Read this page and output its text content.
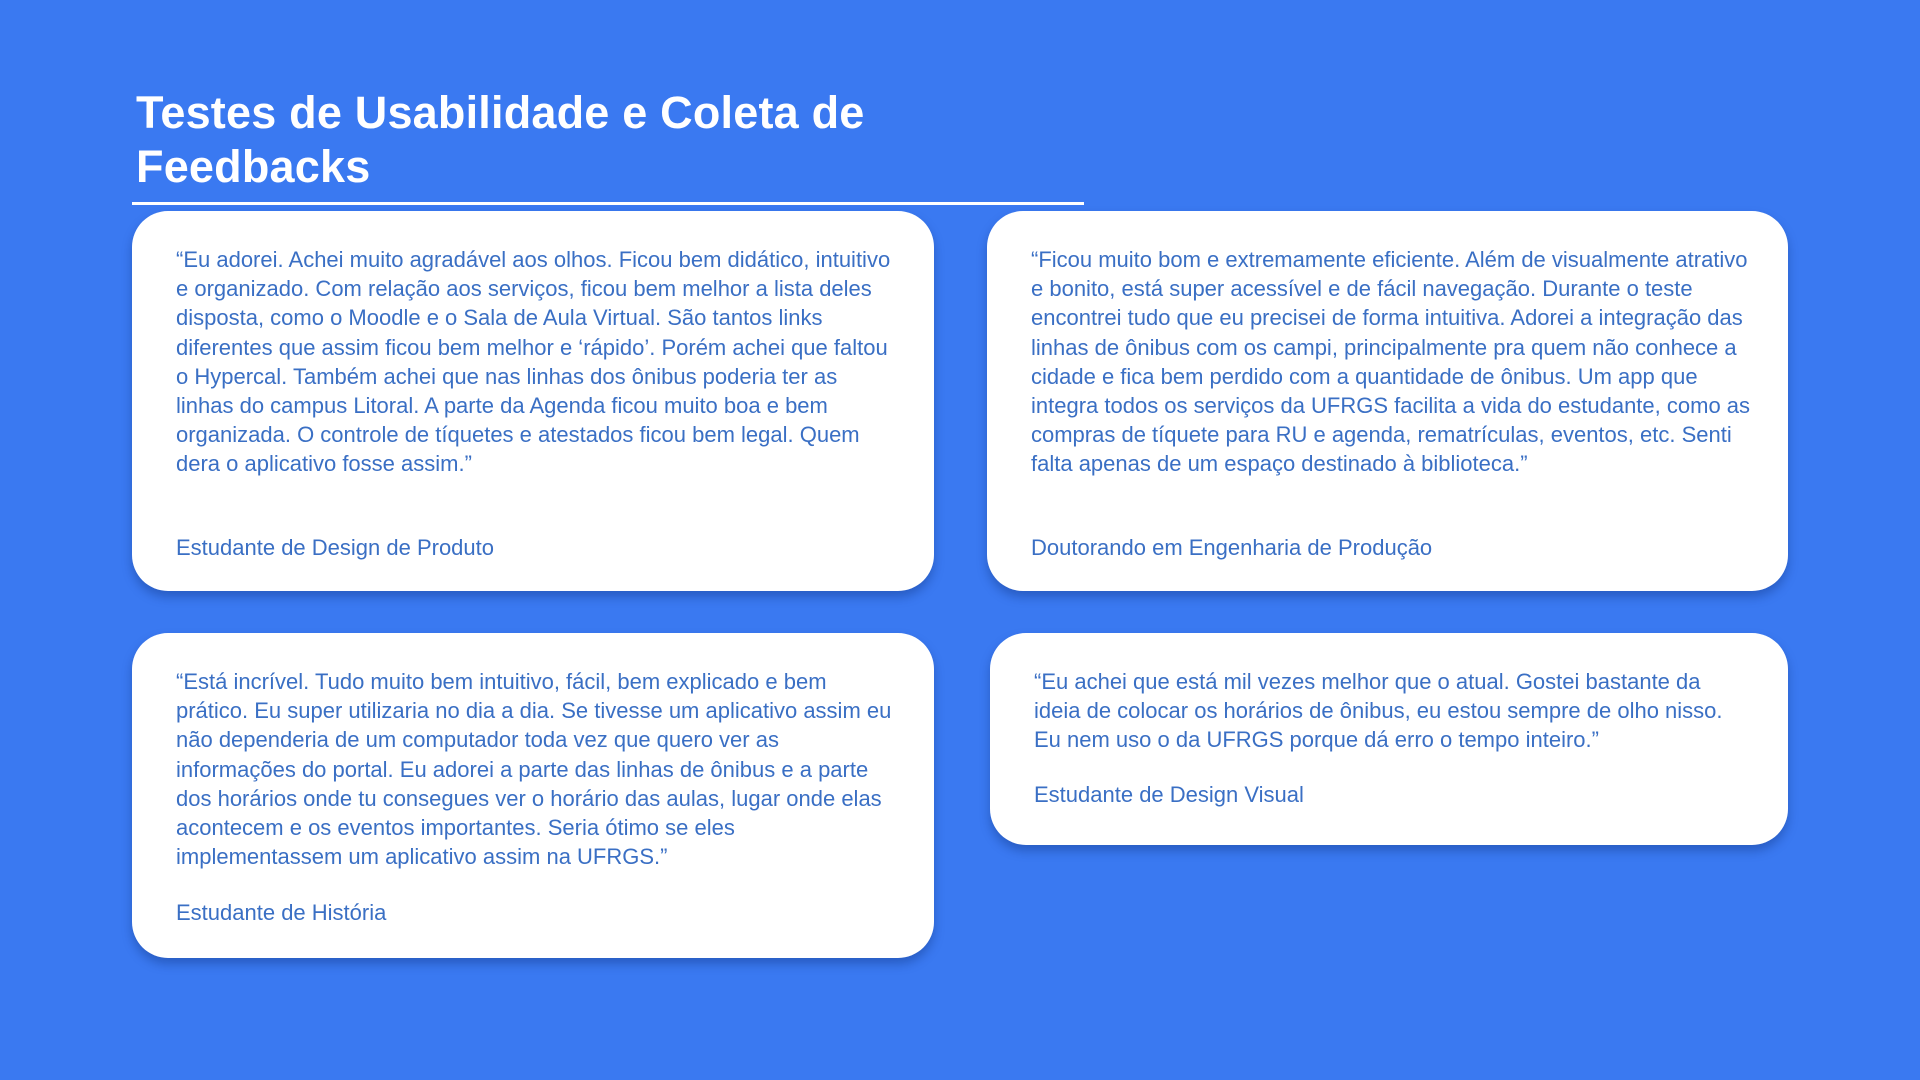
Testes de Usabilidade e Coleta de Feedbacks

“Eu adorei. Achei muito agradável aos olhos. Ficou bem didático, intuitivo e organizado. Com relação aos serviços, ficou bem melhor a lista deles disposta, como o Moodle e o Sala de Aula Virtual. São tantos links diferentes que assim ficou bem melhor e ‘rápido’. Porém achei que faltou o Hypercal. Também achei que nas linhas dos ônibus poderia ter as linhas do campus Litoral. A parte da Agenda ficou muito boa e bem organizada. O controle de tíquetes e atestados ficou bem legal. Quem dera o aplicativo fosse assim.”

Estudante de Design de Produto

“Ficou muito bom e extremamente eficiente. Além de visualmente atrativo e bonito, está super acessível e de fácil navegação. Durante o teste encontrei tudo que eu precisei de forma intuitiva. Adorei a integração das linhas de ônibus com os campi, principalmente pra quem não conhece a cidade e fica bem perdido com a quantidade de ônibus. Um app que integra todos os serviços da UFRGS facilita a vida do estudante, como as compras de tíquete para RU e agenda, rematrículas, eventos, etc. Senti falta apenas de um espaço destinado à biblioteca.”

Doutorando em Engenharia de Produção

“Está incrível. Tudo muito bem intuitivo, fácil, bem explicado e bem prático. Eu super utilizaria no dia a dia. Se tivesse um aplicativo assim eu não dependeria de um computador toda vez que quero ver as informações do portal. Eu adorei a parte das linhas de ônibus e a parte dos horários onde tu consegues ver o horário das aulas, lugar onde elas acontecem e os eventos importantes. Seria ótimo se eles implementassem um aplicativo assim na UFRGS.”

Estudante de História

“Eu achei que está mil vezes melhor que o atual. Gostei bastante da ideia de colocar os horários de ônibus, eu estou sempre de olho nisso. Eu nem uso o da UFRGS porque dá erro o tempo inteiro.”

Estudante de Design Visual
